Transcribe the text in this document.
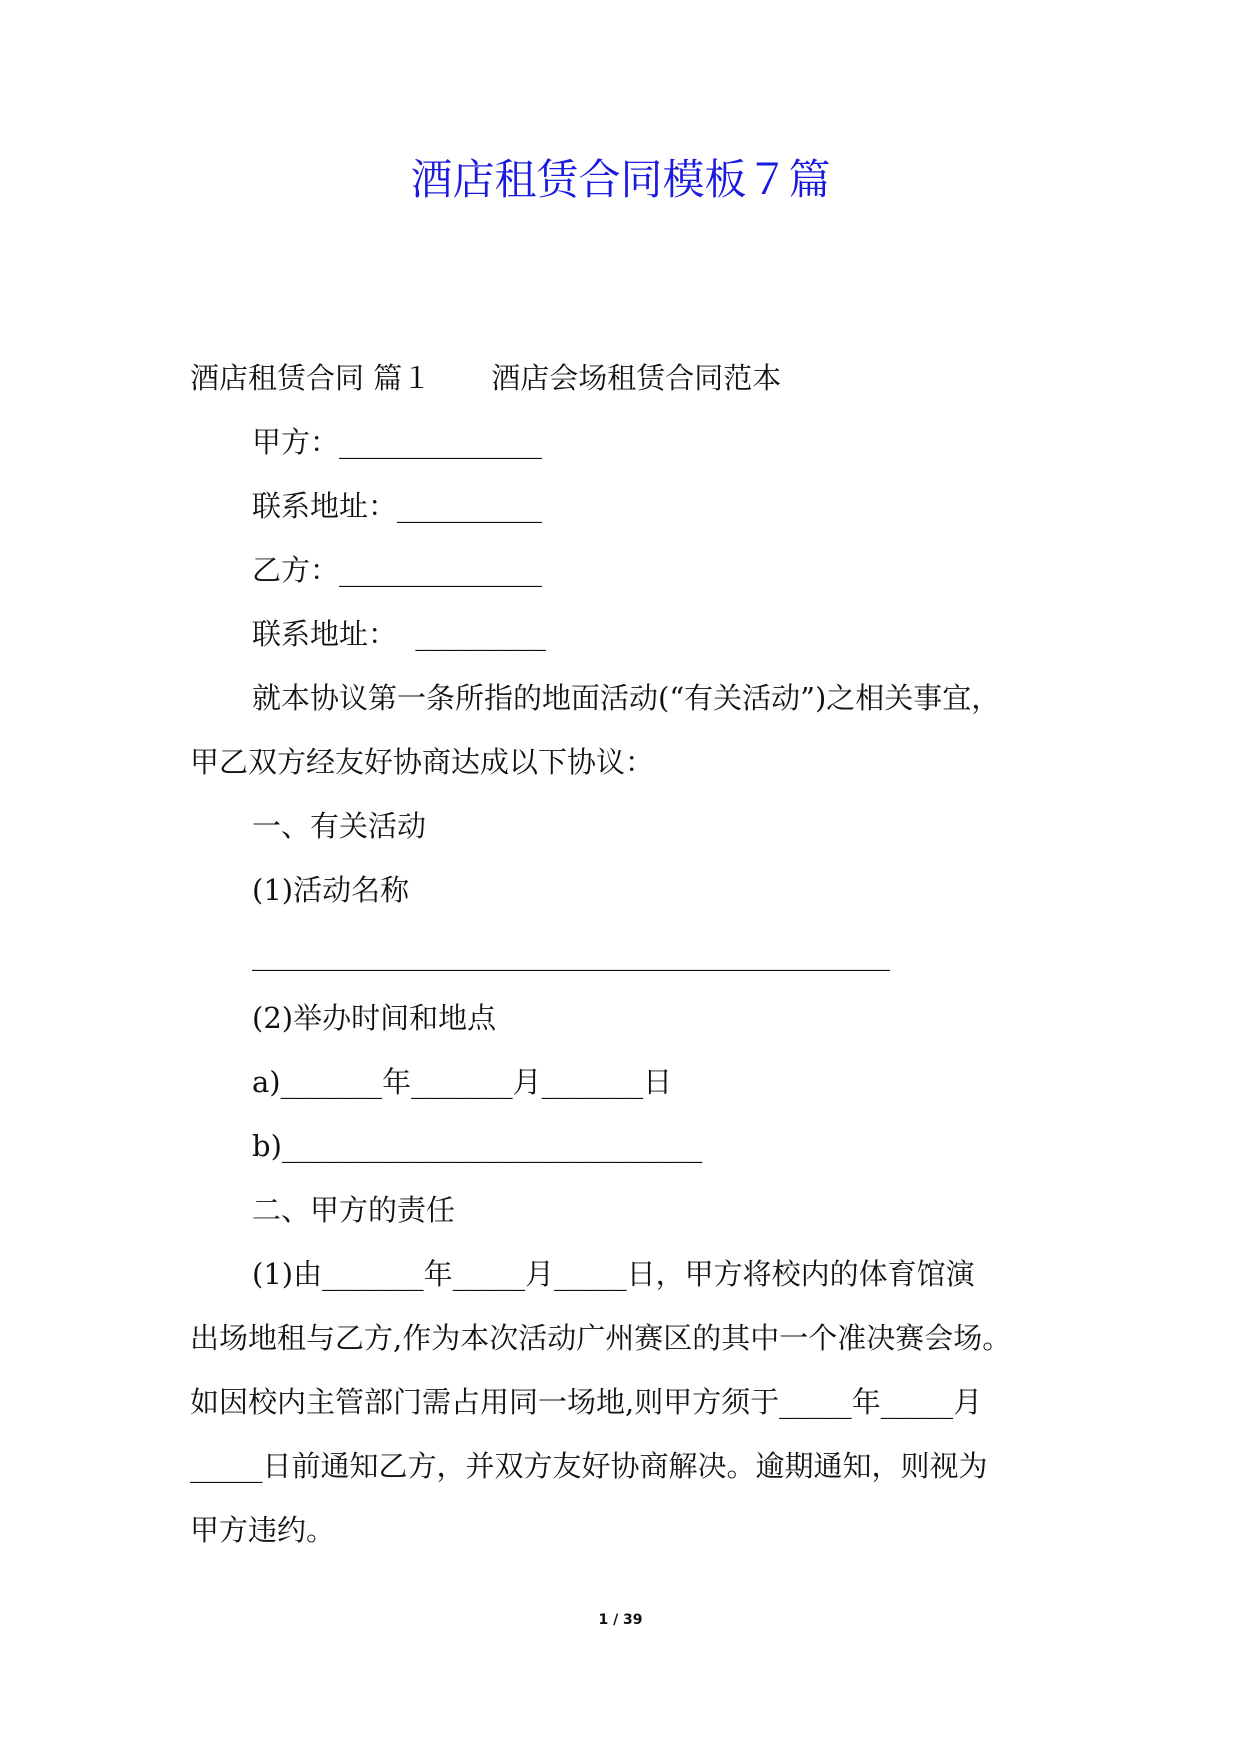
酒店租赁合同模板７篇
酒店租赁合同 篇１ 酒店会场租赁合同范本
甲方：______________
联系地址：__________
乙方：______________
联系地址：  _________
就本协议第一条所指的地面活动(“有关活动”)之相关事宜，
甲乙双方经友好协商达成以下协议：
一、有关活动
(1)活动名称
____________________________________________
(2)举办时间和地点
a)_______年_______月_______日
b)_____________________________
二、甲方的责任
(1)由_______年_____月_____日，甲方将校内的体育馆演
出场地租与乙方,作为本次活动广州赛区的其中一个准决赛会场。
如因校内主管部门需占用同一场地,则甲方须于_____年_____月
_____日前通知乙方，并双方友好协商解决。逾期通知，则视为
甲方违约。
1 / 39
